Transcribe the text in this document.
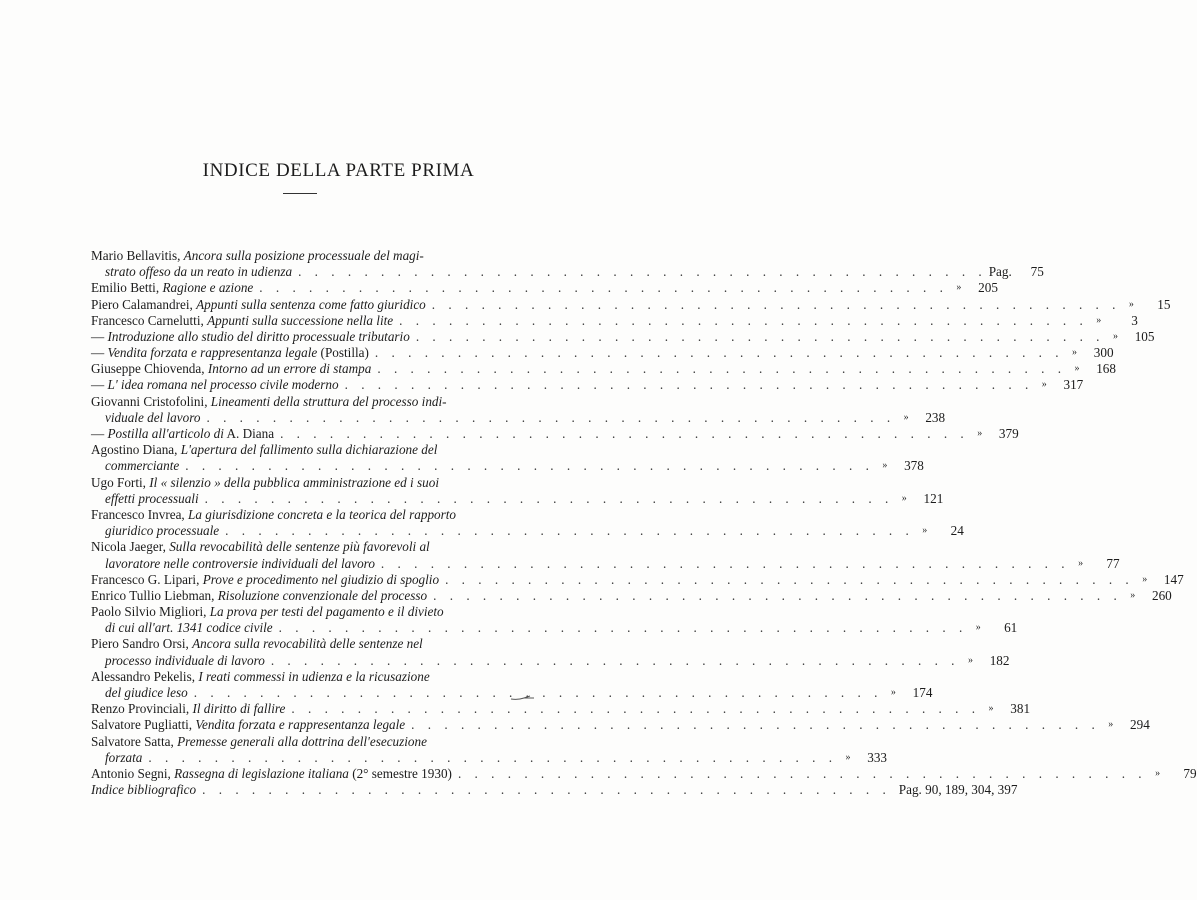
INDICE DELLA PARTE PRIMA
Mario Bellavitis, Ancora sulla posizione processuale del magi-
strato offeso da un reato in udienza . . .	Pag.	75
Emilio Betti, Ragione e azione . . .	»	205
Piero Calamandrei, Appunti sulla sentenza come fatto giuridico . . .	»	15
Francesco Carnelutti, Appunti sulla successione nella lite . . .	»	3
— Introduzione allo studio del diritto processuale tributario . . .	»	105
— Vendita forzata e rappresentanza legale (Postilla) . . .	»	300
Giuseppe Chiovenda, Intorno ad un errore di stampa . . .	»	168
— L' idea romana nel processo civile moderno . . .	»	317
Giovanni Cristofolini, Lineamenti della struttura del processo indi-
viduale del lavoro . . .	»	238
— Postilla all'articolo di A. Diana . . .	»	379
Agostino Diana, L'apertura del fallimento sulla dichiarazione del
commerciante . . .	»	378
Ugo Forti, Il « silenzio » della pubblica amministrazione ed i suoi
effetti processuali . . .	»	121
Francesco Invrea, La giurisdizione concreta e la teorica del rapporto
giuridico processuale . . .	»	24
Nicola Jaeger, Sulla revocabilità delle sentenze più favorevoli al
lavoratore nelle controversie individuali del lavoro . . .	»	77
Francesco G. Lipari, Prove e procedimento nel giudizio di spoglio . . .	»	147
Enrico Tullio Liebman, Risoluzione convenzionale del processo . . .	»	260
Paolo Silvio Migliori, La prova per testi del pagamento e il divieto
di cui all'art. 1341 codice civile . . .	»	61
Piero Sandro Orsi, Ancora sulla revocabilità delle sentenze nel
processo individuale di lavoro . . .	»	182
Alessandro Pekelis, I reati commessi in udienza e la ricusazione
del giudice leso . . .	»	174
Renzo Provinciali, Il diritto di fallire . . .	»	381
Salvatore Pugliatti, Vendita forzata e rappresentanza legale . . .	»	294
Salvatore Satta, Premesse generali alla dottrina dell'esecuzione
forzata . . .	»	333
Antonio Segni, Rassegna di legislazione italiana (2° semestre 1930) . . .	»	79
Indice bibliografico . . .	Pag. 90, 189, 304, 397
